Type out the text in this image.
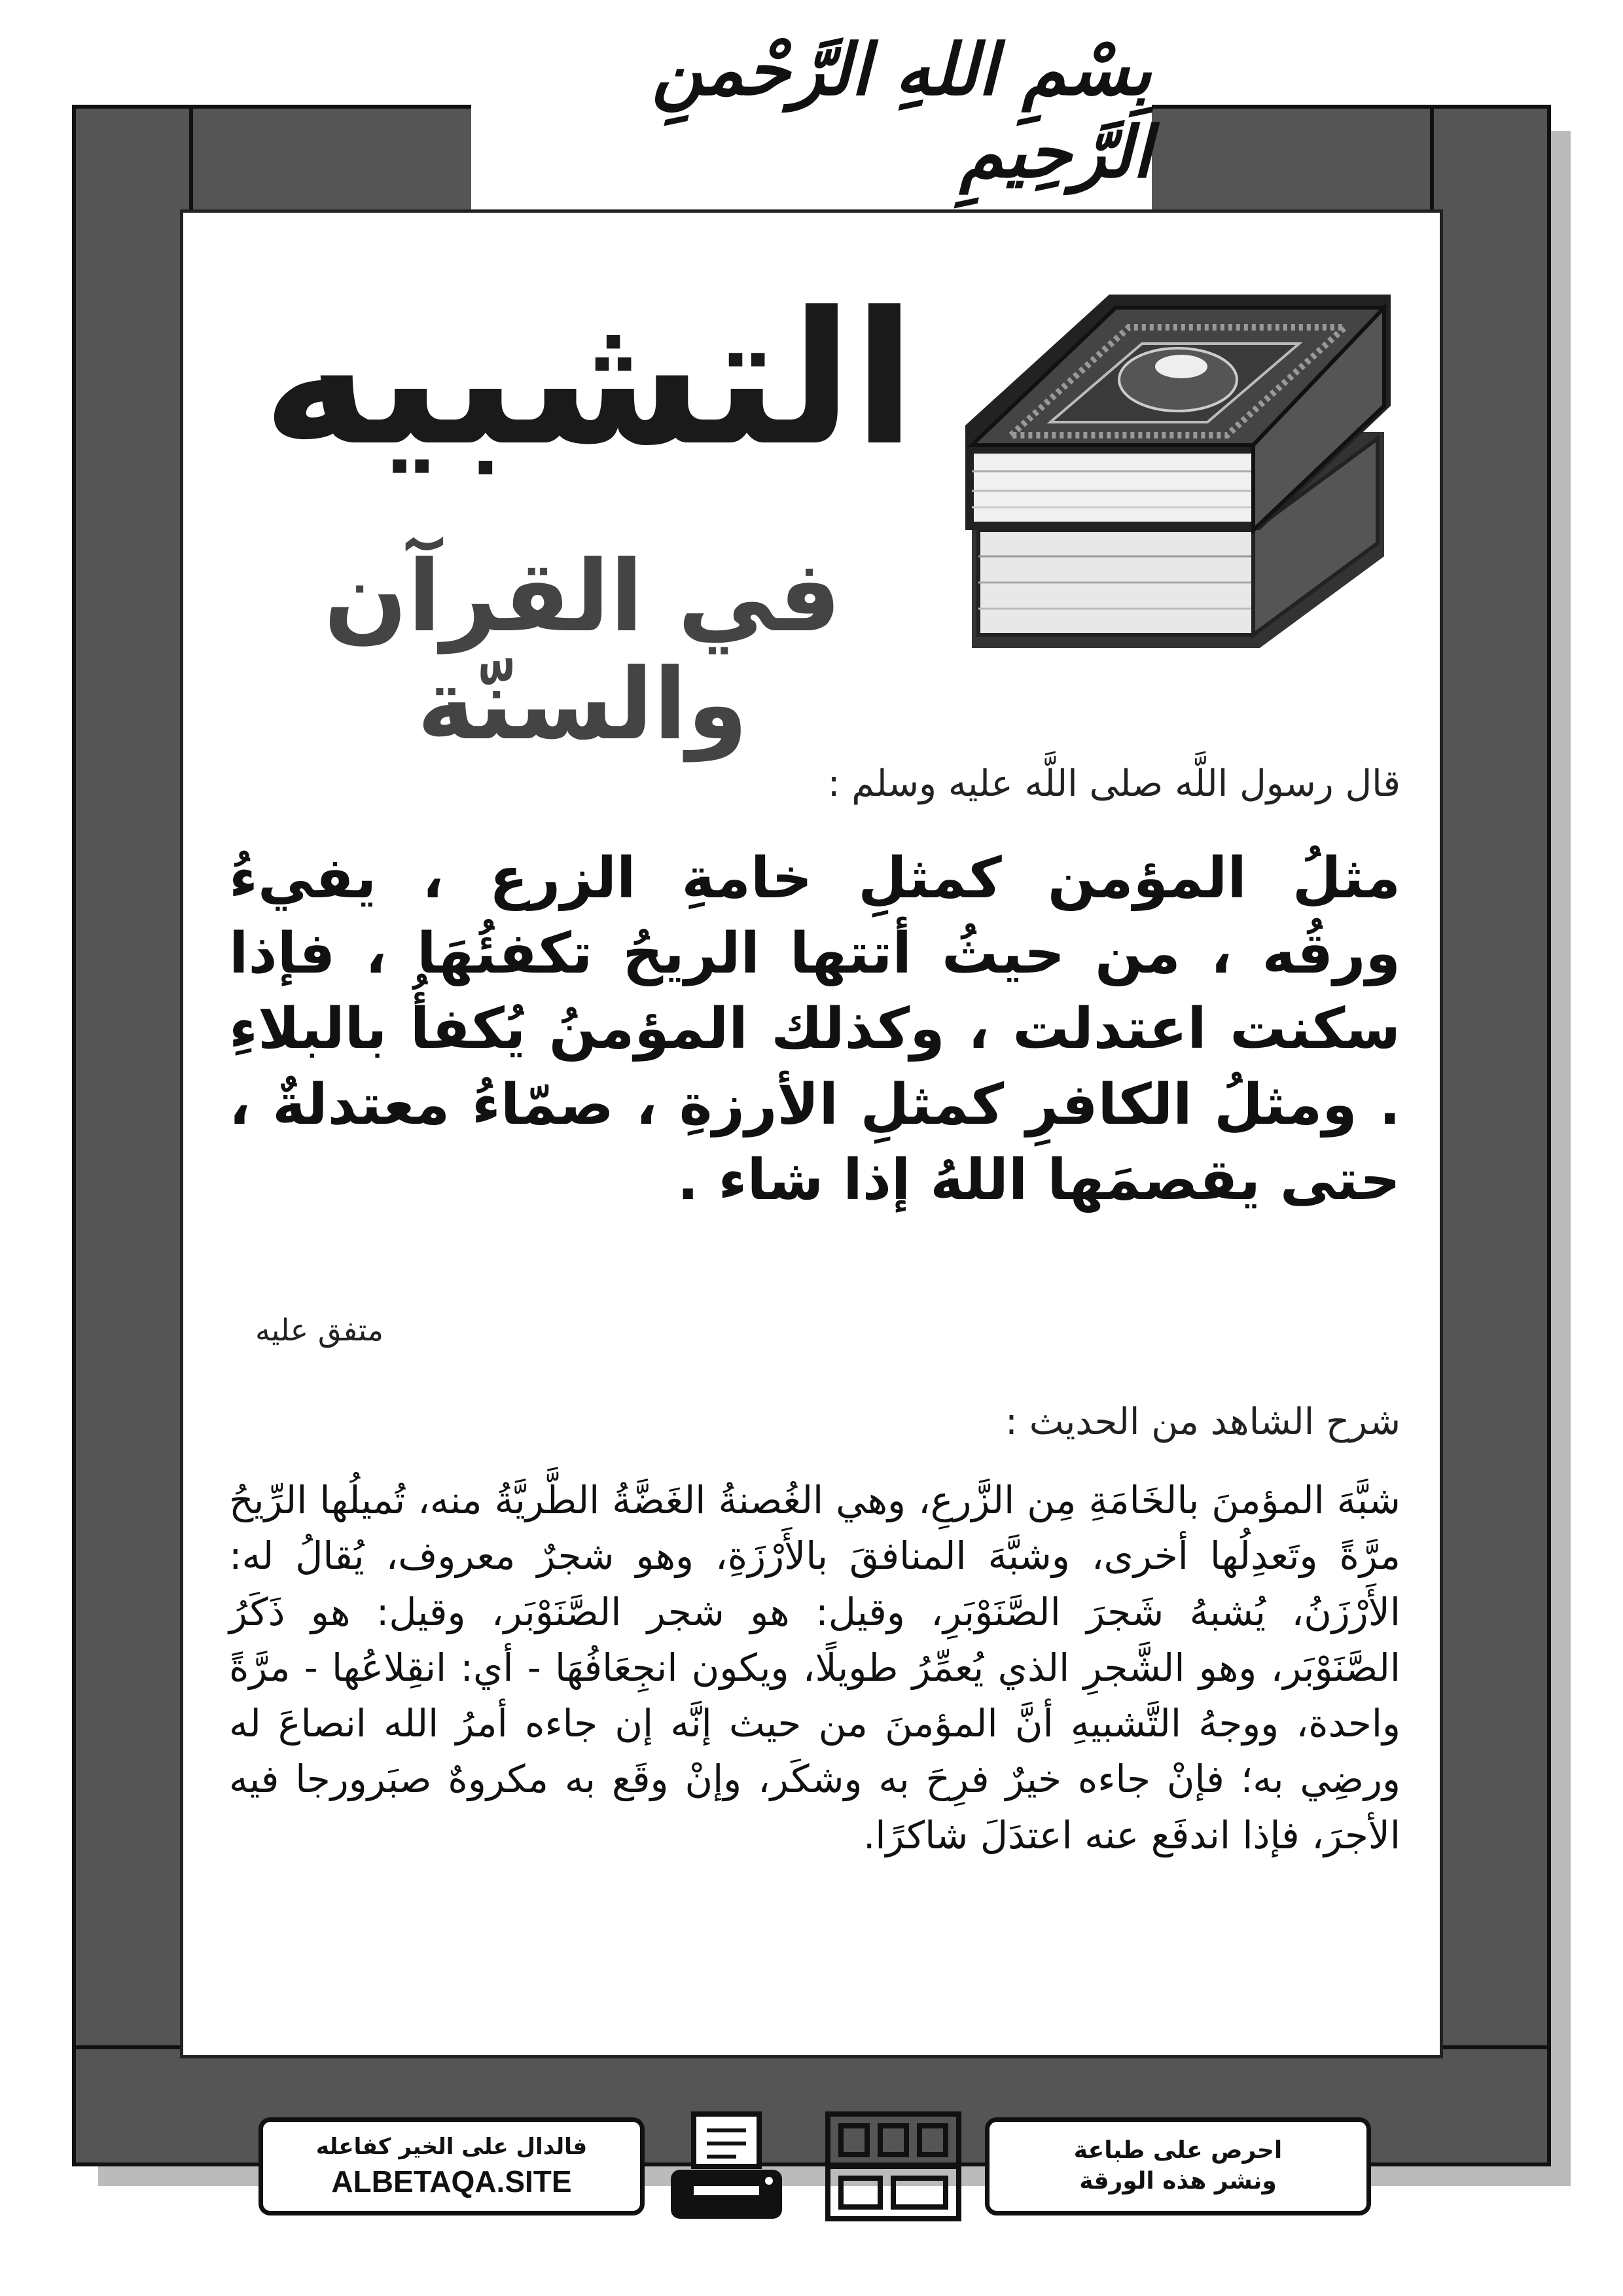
بِسْمِ اللهِ الرَّحْمنِ الرَّحِيمِ
التشبيه
في القرآن والسنّة
قال رسول اللَّه صلى اللَّه عليه وسلم :
مثلُ المؤمن كمثلِ خامةِ الزرع ، يفيءُ ورقُه ، من حيثُ أتتها الريحُ تكفئُهَا ، فإذا سكنت اعتدلت ، وكذلك المؤمنُ يُكفأُ بالبلاءِ . ومثلُ الكافرِ كمثلِ الأرزةِ ، صمّاءُ معتدلةٌ ، حتى يقصمَها اللهُ إذا شاء .
متفق عليه
شرح الشاهد من الحديث :
شبَّهَ المؤمنَ بالخَامَةِ مِن الزَّرعِ، وهي الغُصنةُ الغَضَّةُ الطَّريَّةُ منه، تُميلُها الرِّيحُ مرَّةً وتَعدِلُها أخرى، وشبَّهَ المنافقَ بالأَرْزَةِ، وهو شجرٌ معروف، يُقالُ له: الأَرْزَنُ، يُشبهُ شَجرَ الصَّنَوْبَرِ، وقيل: هو شجر الصَّنَوْبَر، وقيل: هو ذَكَرُ الصَّنَوْبَر، وهو الشَّجرِ الذي يُعمِّرُ طويلًا، ويكون انجِعَافُهَا - أي: انقِلاعُها - مرَّةً واحدة، ووجهُ التَّشبيهِ أنَّ المؤمنَ من حيث إنَّه إن جاءه أمرُ الله انصاعَ له ورضِي به؛ فإنْ جاءه خيرٌ فرِحَ به وشكَر، وإنْ وقَع به مكروهٌ صبَرورجا فيه الأجرَ، فإذا اندفَع عنه اعتدَلَ شاكرًا.
فالدال على الخير كفاعله
ALBETAQA.SITE
احرص على طباعة
ونشر هذه الورقة
